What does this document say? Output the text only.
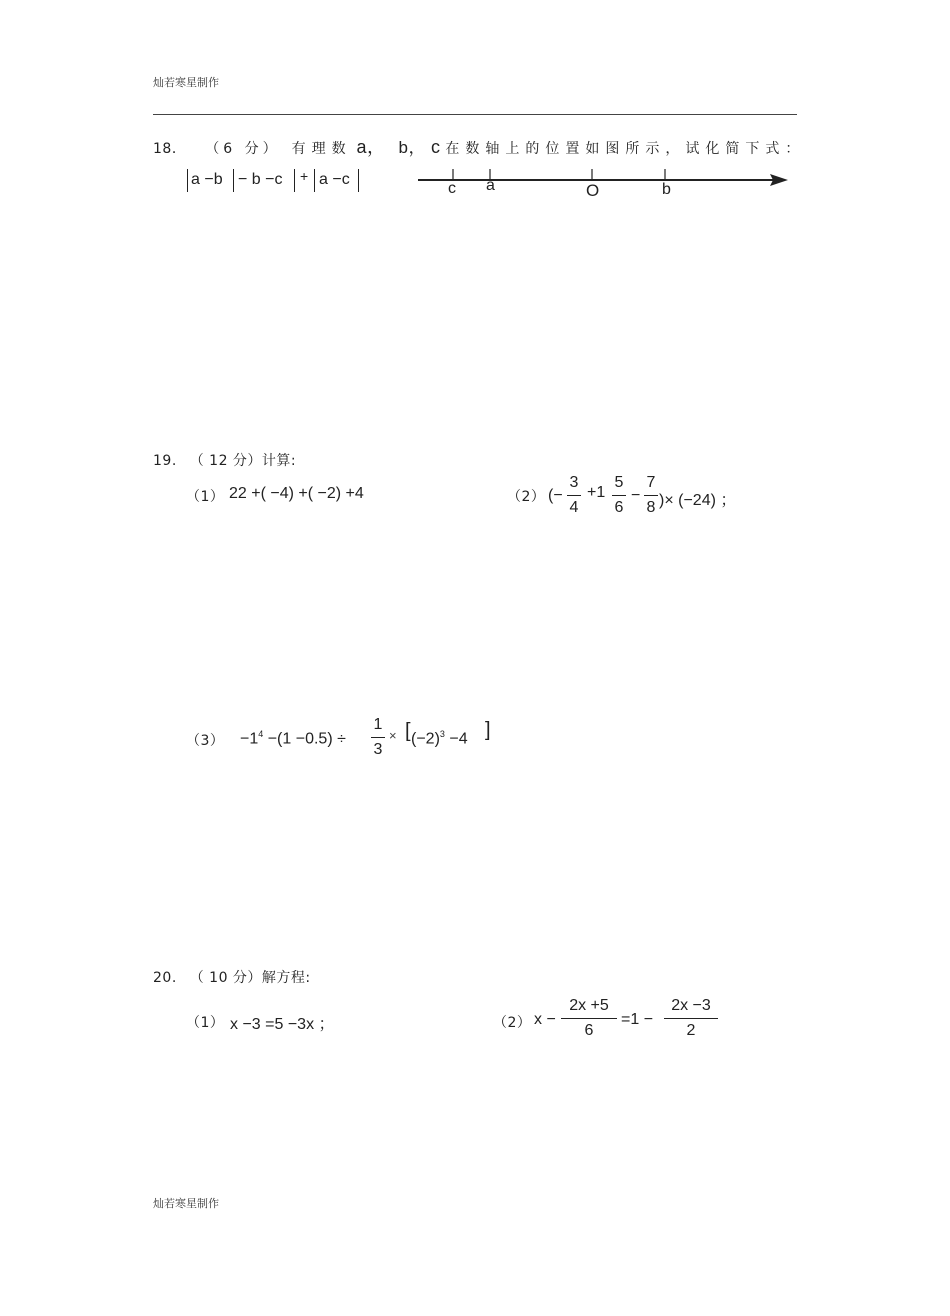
灿若寒星制作
18． （6 分） 有理数 a， b， c 在数轴上的位置如图所示，试化简下式：
a −b − b −c + a −c
c a	O	b
19. （ 12 分）计算:
（1） 22 +( −4) +( −2) +4	（2） (−
3
4
+1
5
6
−
7
8 )× (−24) ；
$(3) -1^4 -(1 -0.5)$ ÷
1
3
× [ $(-2)^3 -4$ ]
20. （ 10 分）解方程:
（1） x −3 =5 −3x ；	（2） x −
2x +5
6
=1 −
2x −3
2
灿若寒星制作
